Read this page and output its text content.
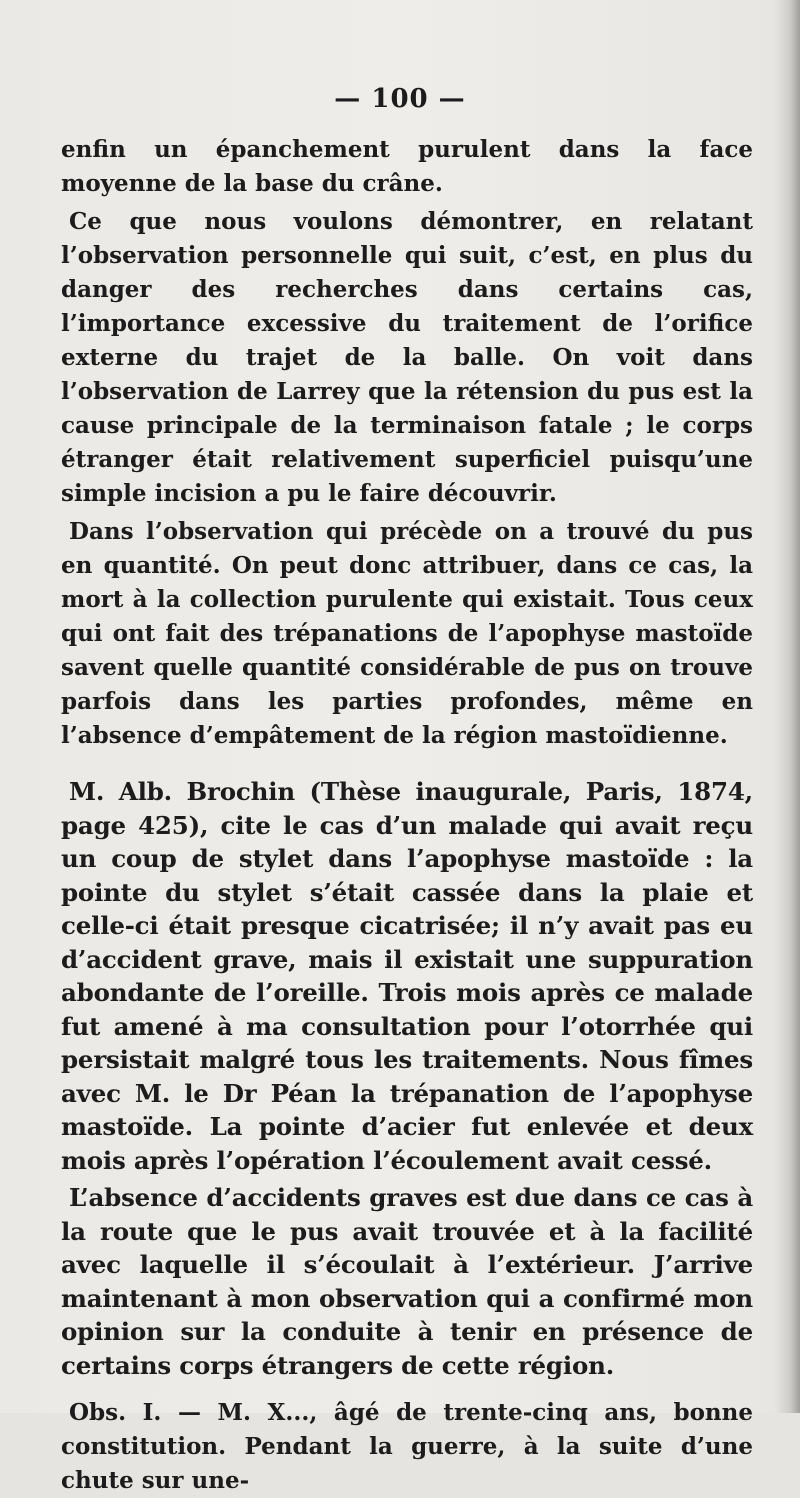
— 100 —

enfin un épanchement purulent dans la face moyenne de la base du crâne.

Ce que nous voulons démontrer, en relatant l’observation personnelle qui suit, c’est, en plus du danger des recherches dans certains cas, l’importance excessive du traitement de l’orifice externe du trajet de la balle. On voit dans l’observation de Larrey que la rétension du pus est la cause principale de la terminaison fatale ; le corps étranger était relativement superficiel puisqu’une simple incision a pu le faire découvrir.

Dans l’observation qui précède on a trouvé du pus en quantité. On peut donc attribuer, dans ce cas, la mort à la collection purulente qui existait. Tous ceux qui ont fait des trépanations de l’apophyse mastoïde savent quelle quantité considérable de pus on trouve parfois dans les parties profondes, même en l’absence d’empâtement de la région mastoïdienne.

M. Alb. Brochin (Thèse inaugurale, Paris, 1874, page 425), cite le cas d’un malade qui avait reçu un coup de stylet dans l’apophyse mastoïde : la pointe du stylet s’était cassée dans la plaie et celle-ci était presque cicatrisée; il n’y avait pas eu d’accident grave, mais il existait une suppuration abondante de l’oreille. Trois mois après ce malade fut amené à ma consultation pour l’otorrhée qui persistait malgré tous les traitements. Nous fîmes avec M. le Dr Péan la trépanation de l’apophyse mastoïde. La pointe d’acier fut enlevée et deux mois après l’opération l’écoulement avait cessé.

L’absence d’accidents graves est due dans ce cas à la route que le pus avait trouvée et à la facilité avec laquelle il s’écoulait à l’extérieur. J’arrive maintenant à mon observation qui a confirmé mon opinion sur la conduite à tenir en présence de certains corps étrangers de cette région.

Obs. I. — M. X..., âgé de trente-cinq ans, bonne constitution. Pendant la guerre, à la suite d’une chute sur une-
